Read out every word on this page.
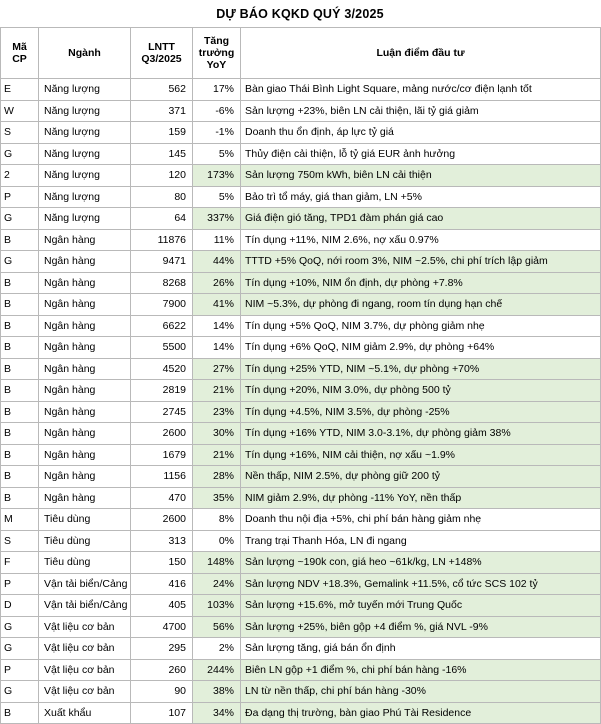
DỰ BÁO KQKD QUÝ 3/2025
Mã CP	Ngành	LNTT Q3/2025	Tăng trưởng YoY	Luận điểm đầu tư
E	Năng lượng	562	17%	Bàn giao Thái Bình Light Square, mảng nước/cơ điện lạnh tốt
W	Năng lượng	371	-6%	Sản lượng +23%, biên LN cải thiện, lãi tỷ giá giảm
S	Năng lượng	159	-1%	Doanh thu ổn định, áp lực tỷ giá
G	Năng lượng	145	5%	Thủy điện cải thiện, lỗ tỷ giá EUR ảnh hưởng
2	Năng lượng	120	173%	Sản lượng 750m kWh, biên LN cải thiện
P	Năng lượng	80	5%	Bảo trì tổ máy, giá than giảm, LN +5%
G	Năng lượng	64	337%	Giá điện gió tăng, TPD1 đàm phán giá cao
B	Ngân hàng	11876	11%	Tín dụng +11%, NIM 2.6%, nợ xấu 0.97%
G	Ngân hàng	9471	44%	TTTD +5% QoQ, nới room 3%, NIM ~2.5%, chi phí trích lập giảm
B	Ngân hàng	8268	26%	Tín dụng +10%, NIM ổn định, dự phòng +7.8%
B	Ngân hàng	7900	41%	NIM ~5.3%, dự phòng đi ngang, room tín dụng hạn chế
B	Ngân hàng	6622	14%	Tín dụng +5% QoQ, NIM 3.7%, dự phòng giảm nhẹ
B	Ngân hàng	5500	14%	Tín dụng +6% QoQ, NIM giảm 2.9%, dự phòng +64%
B	Ngân hàng	4520	27%	Tín dụng +25% YTD, NIM ~5.1%, dự phòng +70%
B	Ngân hàng	2819	21%	Tín dụng +20%, NIM 3.0%, dự phòng 500 tỷ
B	Ngân hàng	2745	23%	Tín dụng +4.5%, NIM 3.5%, dự phòng -25%
B	Ngân hàng	2600	30%	Tín dụng +16% YTD, NIM 3.0-3.1%, dự phòng giảm 38%
B	Ngân hàng	1679	21%	Tín dụng +16%, NIM cải thiện, nợ xấu ~1.9%
B	Ngân hàng	1156	28%	Nền thấp, NIM 2.5%, dự phòng giữ 200 tỷ
B	Ngân hàng	470	35%	NIM giảm 2.9%, dự phòng -11% YoY, nền thấp
M	Tiêu dùng	2600	8%	Doanh thu nội địa +5%, chi phí bán hàng giảm nhẹ
S	Tiêu dùng	313	0%	Trang trại Thanh Hóa, LN đi ngang
F	Tiêu dùng	150	148%	Sản lượng ~190k con, giá heo ~61k/kg, LN +148%
P	Vận tải biển/Cảng	416	24%	Sản lượng NDV +18.3%, Gemalink +11.5%, cổ tức SCS 102 tỷ
D	Vận tải biển/Cảng	405	103%	Sản lượng +15.6%, mở tuyến mới Trung Quốc
G	Vật liệu cơ bản	4700	56%	Sản lượng +25%, biên gộp +4 điểm %, giá NVL -9%
G	Vật liệu cơ bản	295	2%	Sản lượng tăng, giá bán ổn định
P	Vật liệu cơ bản	260	244%	Biên LN gộp +1 điểm %, chi phí bán hàng -16%
G	Vật liệu cơ bản	90	38%	LN từ nền thấp, chi phí bán hàng -30%
B	Xuất khẩu	107	34%	Đa dạng thị trường, bàn giao Phú Tài Residence
